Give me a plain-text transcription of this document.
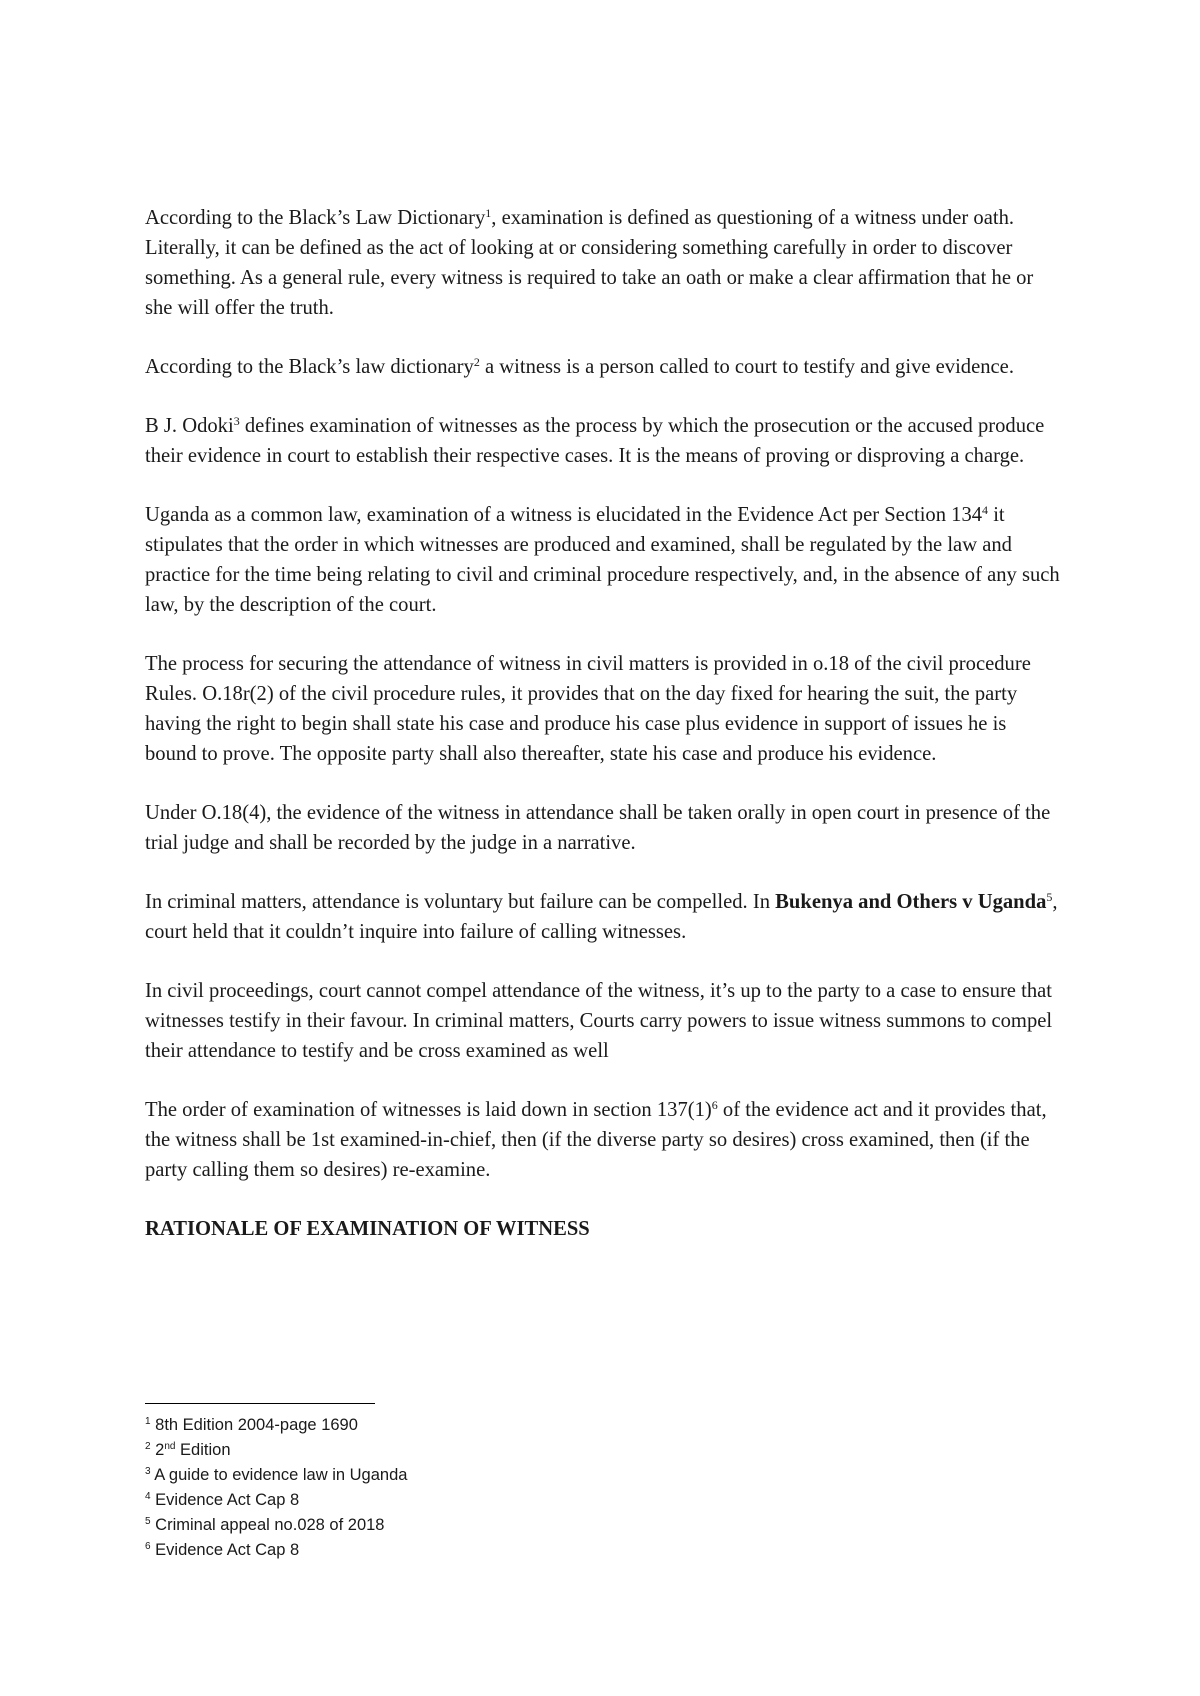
According to the Black’s Law Dictionary$^1$, examination is defined as questioning of a witness under oath. Literally, it can be defined as the act of looking at or considering something carefully in order to discover something. As a general rule, every witness is required to take an oath or make a clear affirmation that he or she will offer the truth.

According to the Black’s law dictionary$^2$ a witness is a person called to court to testify and give evidence.

B J. Odoki$^3$ defines examination of witnesses as the process by which the prosecution or the accused produce their evidence in court to establish their respective cases. It is the means of proving or disproving a charge.

Uganda as a common law, examination of a witness is elucidated in the Evidence Act per Section $134^4$ it stipulates that the order in which witnesses are produced and examined, shall be regulated by the law and practice for the time being relating to civil and criminal procedure respectively, and, in the absence of any such law, by the description of the court.

The process for securing the attendance of witness in civil matters is provided in o.18 of the civil procedure Rules. O.18r(2) of the civil procedure rules, it provides that on the day fixed for hearing the suit, the party having the right to begin shall state his case and produce his case plus evidence in support of issues he is bound to prove. The opposite party shall also thereafter, state his case and produce his evidence.

Under O.18(4), the evidence of the witness in attendance shall be taken orally in open court in presence of the trial judge and shall be recorded by the judge in a narrative.

In criminal matters, attendance is voluntary but failure can be compelled. In Bukenya and Others v Uganda$^5$, court held that it couldn’t inquire into failure of calling witnesses.

In civil proceedings, court cannot compel attendance of the witness, it’s up to the party to a case to ensure that witnesses testify in their favour. In criminal matters, Courts carry powers to issue witness summons to compel their attendance to testify and be cross examined as well

The order of examination of witnesses is laid down in section $137(1)^6$ of the evidence act and it provides that, the witness shall be 1st examined-in-chief, then (if the diverse party so desires) cross examined, then (if the party calling them so desires) re-examine.

RATIONALE OF EXAMINATION OF WITNESS
$^1$ 8th Edition 2004-page 1690
$^2$ 2nd Edition
$^3$ A guide to evidence law in Uganda
$^4$ Evidence Act Cap 8
$^5$ Criminal appeal no.028 of 2018
$^6$ Evidence Act Cap 8
